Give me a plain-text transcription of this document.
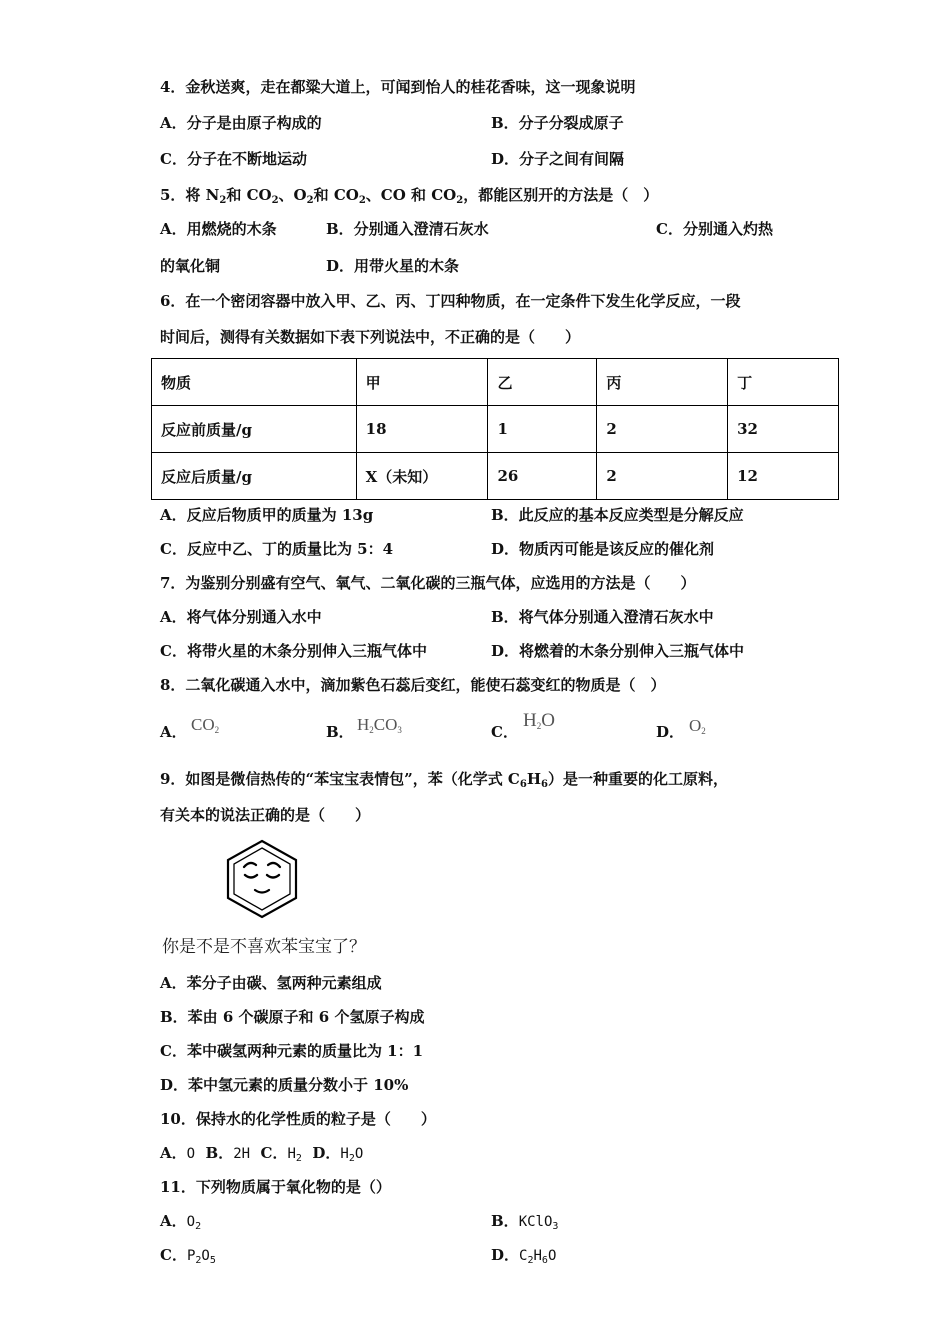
4．金秋送爽，走在都粱大道上，可闻到怡人的桂花香味，这一现象说明
A．分子是由原子构成的	B．分子分裂成原子
C．分子在不断地运动	D．分子之间有间隔
5．将 $N_2$和 $CO_2$、$O_2$和 $CO_2$、CO 和 $CO_2$，都能区别开的方法是（　）
A．用燃烧的木条	B．分别通入澄清石灰水	C．分别通入灼热
的氧化铜	D．用带火星的木条
6．在一个密闭容器中放入甲、乙、丙、丁四种物质，在一定条件下发生化学反应，一段
时间后，测得有关数据如下表下列说法中，不正确的是（　　）
物质	甲	乙	丙	丁
反应前质量/g	18	1	2	32
反应后质量/g	X（未知）	26	2	12
A．反应后物质甲的质量为 13g	B．此反应的基本反应类型是分解反应
C．反应中乙、丁的质量比为 5：4	D．物质丙可能是该反应的催化剂
7．为鉴别分别盛有空气、氧气、二氧化碳的三瓶气体，应选用的方法是（　　）
A．将气体分别通入水中	B．将气体分别通入澄清石灰水中
C．将带火星的木条分别伸入三瓶气体中	D．将燃着的木条分别伸入三瓶气体中
8．二氧化碳通入水中，滴加紫色石蕊后变红，能使石蕊变红的物质是（　）
A． $CO_2$	B． $H_2CO_3$	C．
$H_2O$
D． $O_2$
9．如图是微信热传的“苯宝宝表情包”，苯（化学式 $C_6H_6$）是一种重要的化工原料，
有关本的说法正确的是（　　）
你是不是不喜欢苯宝宝了？
A．苯分子由碳、氢两种元素组成
B．苯由 6 个碳原子和 6 个氢原子构成
C．苯中碳氢两种元素的质量比为 1：1
D．苯中氢元素的质量分数小于 10%
10．保持水的化学性质的粒子是（　　）
A．O B．2H C．$H_2$ D．$H_2O$
11．下列物质属于氧化物的是（）
A．$O_2$	B．KClO$_3$
C．$P_2O_5$	D．$C_2H_6O$
